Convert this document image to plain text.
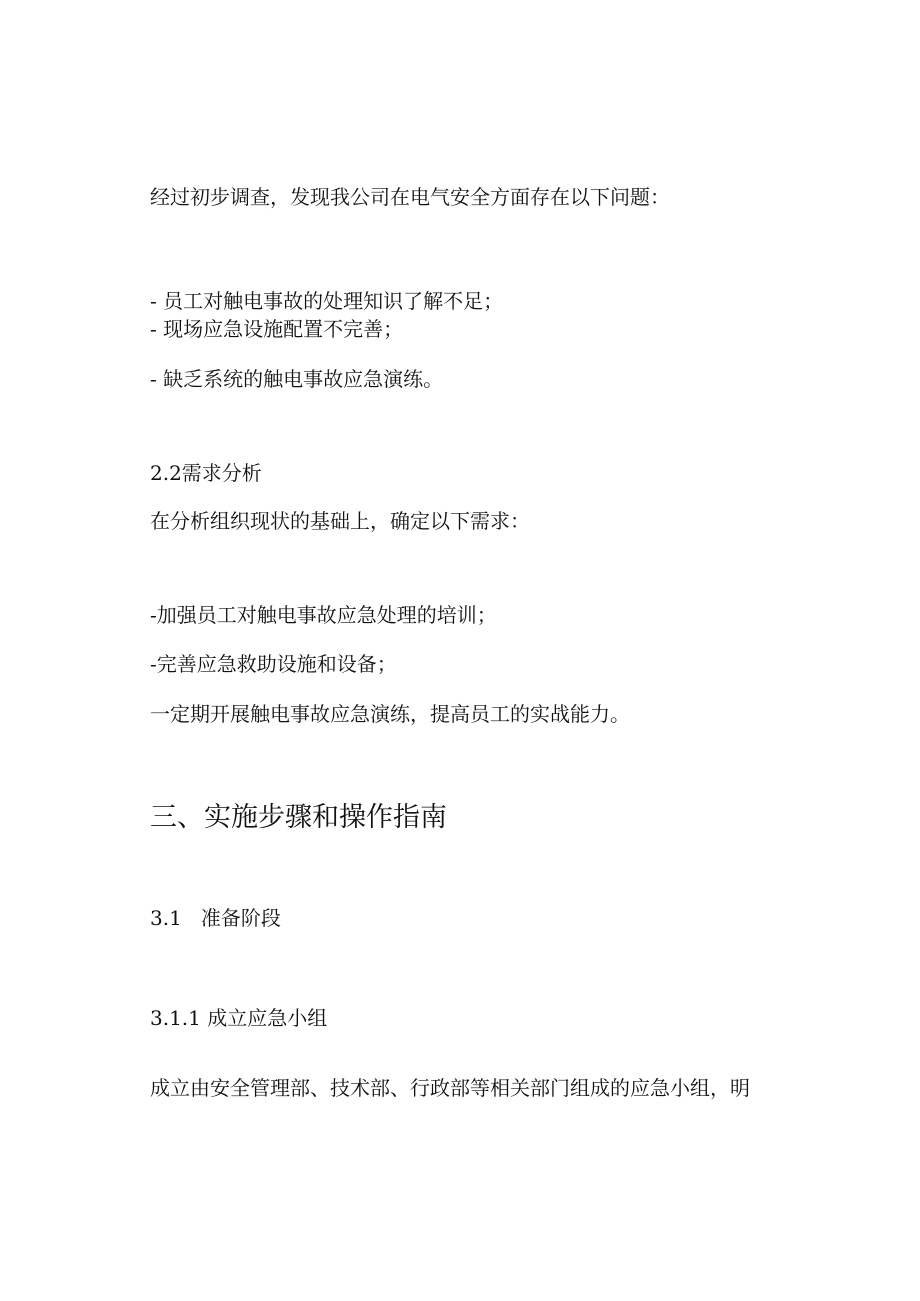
经过初步调查，发现我公司在电气安全方面存在以下问题：
- 员工对触电事故的处理知识了解不足；
- 现场应急设施配置不完善；
- 缺乏系统的触电事故应急演练。
2.2需求分析
在分析组织现状的基础上，确定以下需求：
-加强员工对触电事故应急处理的培训；
-完善应急救助设施和设备；
一定期开展触电事故应急演练，提高员工的实战能力。
三、实施步骤和操作指南
3.1   准备阶段
3.1.1 成立应急小组
成立由安全管理部、技术部、行政部等相关部门组成的应急小组，明
